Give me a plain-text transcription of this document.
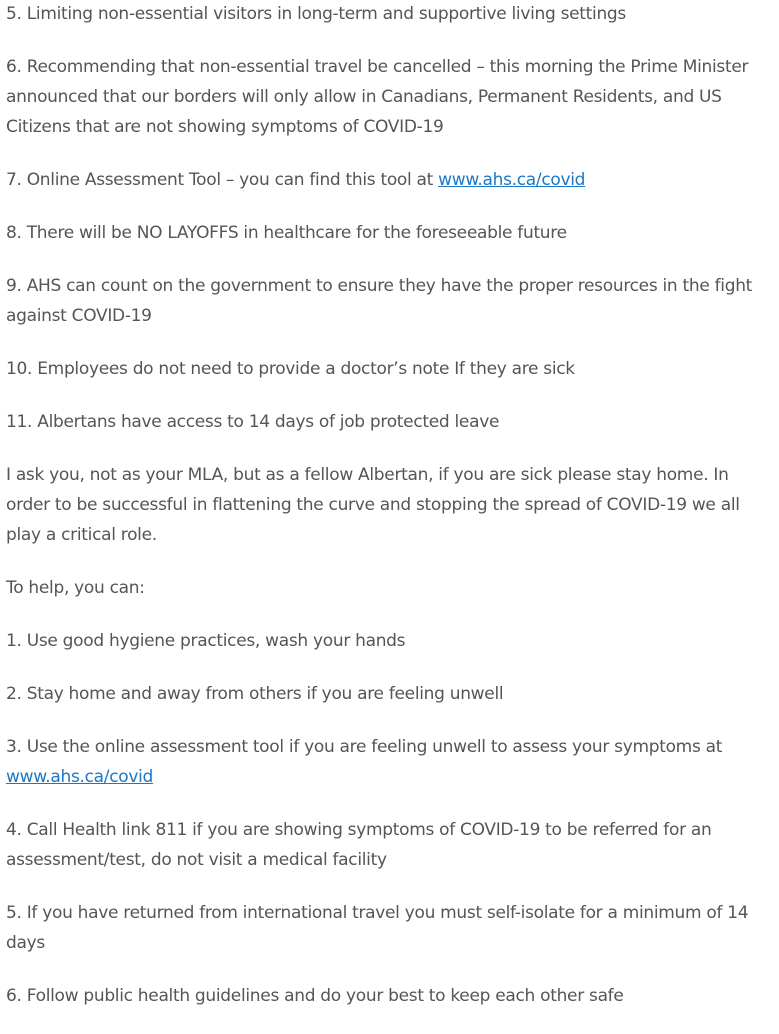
5. Limiting non-essential visitors in long-term and supportive living settings

6. Recommending that non-essential travel be cancelled – this morning the Prime Minister announced that our borders will only allow in Canadians, Permanent Residents, and US Citizens that are not showing symptoms of COVID-19

7. Online Assessment Tool – you can find this tool at www.ahs.ca/covid

8. There will be NO LAYOFFS in healthcare for the foreseeable future

9. AHS can count on the government to ensure they have the proper resources in the fight against COVID-19

10. Employees do not need to provide a doctor’s note If they are sick

11. Albertans have access to 14 days of job protected leave

I ask you, not as your MLA, but as a fellow Albertan, if you are sick please stay home. In order to be successful in flattening the curve and stopping the spread of COVID-19 we all play a critical role.

To help, you can:

1. Use good hygiene practices, wash your hands

2. Stay home and away from others if you are feeling unwell

3. Use the online assessment tool if you are feeling unwell to assess your symptoms at www.ahs.ca/covid

4. Call Health link 811 if you are showing symptoms of COVID-19 to be referred for an assessment/test, do not visit a medical facility

5. If you have returned from international travel you must self-isolate for a minimum of 14 days

6. Follow public health guidelines and do your best to keep each other safe
